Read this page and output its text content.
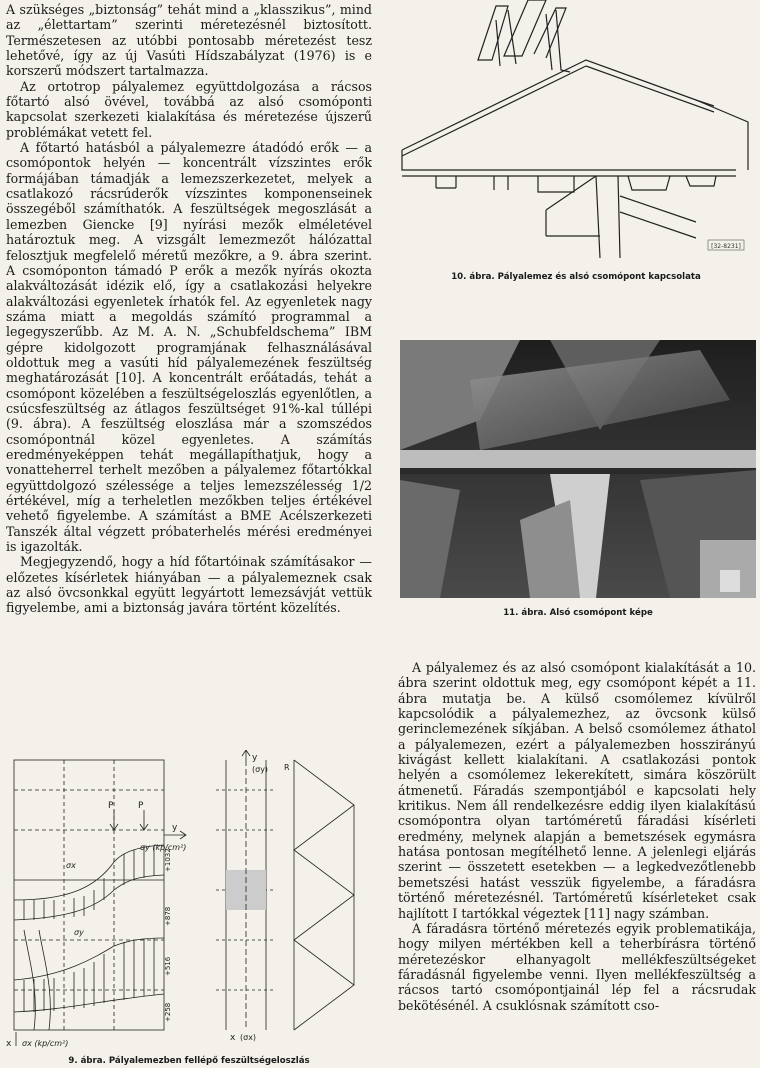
A szükséges „biztonság” tehát mind a „klasszikus”, mind az „élettartam” szerinti méretezésnél biztosított. Természetesen az utóbbi pontosabb méretezést tesz lehetővé, így az új Vasúti Hídszabályzat (1976) is e korszerű módszert tartalmazza.

Az ortotrop pályalemez együttdolgozása a rácsos főtartó alsó övével, továbbá az alsó csomóponti kapcsolat szerkezeti kialakítása és méretezése újszerű problémákat vetett fel.

A főtartó hatásból a pályalemezre átadódó erők — a csomópontok helyén — koncentrált vízszintes erők formájában támadják a lemezszerkezetet, melyek a csatlakozó rácsrúderők vízszintes komponenseinek összegéből számíthatók. A feszültségek megoszlását a lemezben Giencke [9] nyírási mezők elméletével határoztuk meg. A vizsgált lemezmezőt hálózattal felosztjuk megfelelő méretű mezőkre, a 9. ábra szerint. A csomóponton támadó P erők a mezők nyírás okozta alakváltozását idézik elő, így a csatlakozási helyekre alakváltozási egyenletek írhatók fel. Az egyenletek nagy száma miatt a megoldás számító programmal a legegyszerűbb. Az M. A. N. „Schubfeldschema” IBM gépre kidolgozott programjának felhasználásával oldottuk meg a vasúti híd pályalemezének feszültség meghatározását [10]. A koncentrált erőátadás, tehát a csomópont közelében a feszültségeloszlás egyenlőtlen, a csúcsfeszültség az átlagos feszültséget 91%-kal túllépi (9. ábra). A feszültség eloszlása már a szomszédos csomópontnál közel egyenletes. A számítás eredményeképpen tehát megállapíthatjuk, hogy a vonatteherrel terhelt mezőben a pályalemez főtartókkal együttdolgozó szélessége a teljes lemezszélesség 1/2 értékével, míg a terheletlen mezőkben teljes értékével vehető figyelembe. A számítást a BME Acélszerkezeti Tanszék által végzett próbaterhelés mérési eredményei is igazolták.

Megjegyzendő, hogy a híd főtartóinak számításakor — előzetes kísérletek hiányában — a pályalemeznek csak az alsó övcsonkkal együtt legyártott lemezsávját vettük figyelembe, ami a biztonság javára történt közelítés.

[32-8231]
10. ábra. Pályalemez és alsó csomópont kapcsolata
11. ábra. Alsó csomópont képe

A pályalemez és az alsó csomópont kialakítását a 10. ábra szerint oldottuk meg, egy csomópont képét a 11. ábra mutatja be. A külső csomólemez kívülről kapcsolódik a pályalemezhez, az övcsonk külső gerinclemezének síkjában. A belső csomólemez áthatol a pályalemezen, ezért a pályalemezben hosszirányú kivágást kellett kialakítani. A csatlakozási pontok helyén a csomólemez lekerekített, simára köszörült átmenetű. Fáradás szempontjából e kapcsolati hely kritikus. Nem áll rendelkezésre eddig ilyen kialakítású csomópontra olyan tartóméretű fáradási kísérleti eredmény, melynek alapján a bemetszések egymásra hatása pontosan megítélhető lenne. A jelenlegi eljárás szerint — összetett esetekben — a legkedvezőtlenebb bemetszési hatást vesszük figyelembe, a fáradásra történő méretezésnél. Tartóméretű kísérleteket csak hajlított I tartókkal végeztek [11] nagy számban.

A fáradásra történő méretezés egyik problematikája, hogy milyen mértékben kell a teherbírásra történő méretezéskor elhanyagolt mellékfeszültségeket fáradásnál figyelembe venni. Ilyen mellékfeszültség a rácsos tartó csomópontjainál lép fel a rácsrudak bekötésénél. A csuklósnak számított cso-

P	P
y
σy (kp/cm²)
σy
σx
x σx (kp/cm²)
x (σx)
y
(σy) R
+1032
+878
+516
+258
9. ábra. Pályalemezben fellépő feszültségeloszlás
